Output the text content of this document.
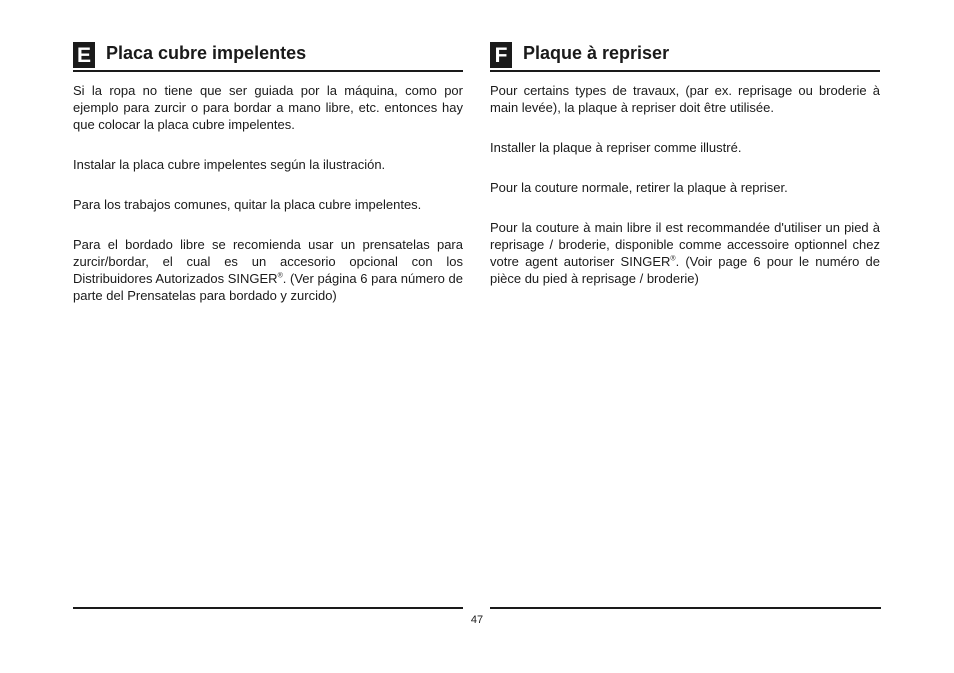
E Placa cubre impelentes

Si la ropa no tiene que ser guiada por la máquina, como por ejemplo para zurcir o para bordar a mano libre, etc. entonces hay que colocar la placa cubre impelentes.

Instalar la placa cubre impelentes según la ilustración.

Para los trabajos comunes, quitar la placa cubre impelentes.

Para el bordado libre se recomienda usar un prensatelas para zurcir/bordar, el cual es un accesorio opcional con los Distribuidores Autorizados SINGER®. (Ver página 6 para número de parte del Prensatelas para bordado y zurcido)

F Plaque à repriser

Pour certains types de travaux, (par ex. reprisage ou broderie à main levée), la plaque à repriser doit être utilisée.

Installer la plaque à repriser comme illustré.

Pour la couture normale, retirer la plaque à repriser.

Pour la couture à main libre il est recommandée d'utiliser un pied à reprisage / broderie, disponible comme accessoire optionnel chez votre agent autoriser SINGER®. (Voir page 6 pour le numéro de pièce du pied à reprisage / broderie)

47
